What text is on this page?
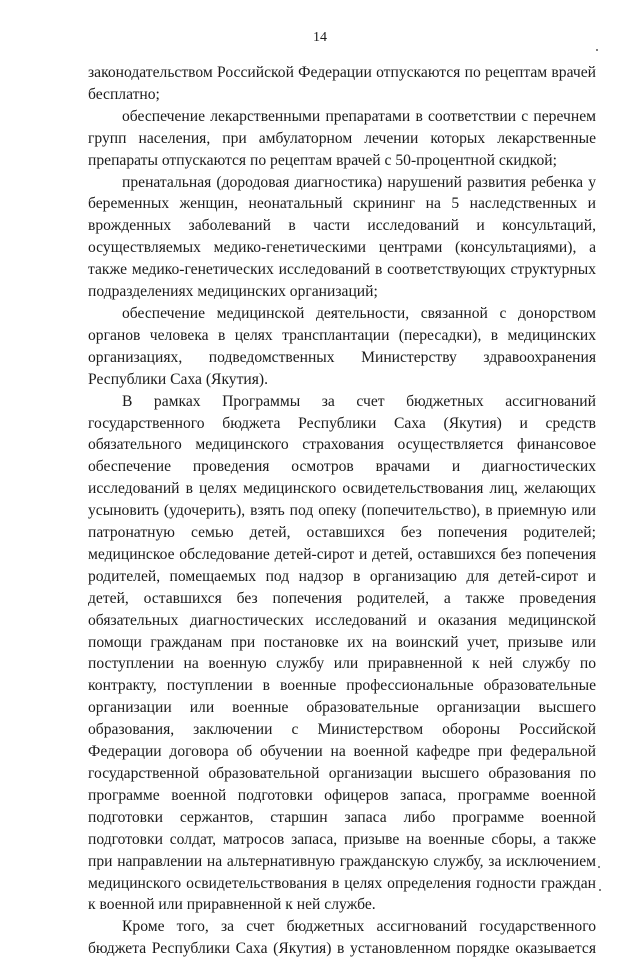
14

законодательством Российской Федерации отпускаются по рецептам врачей бесплатно;

обеспечение лекарственными препаратами в соответствии с перечнем групп населения, при амбулаторном лечении которых лекарственные препараты отпускаются по рецептам врачей с 50-процентной скидкой;

пренатальная (дородовая диагностика) нарушений развития ребенка у беременных женщин, неонатальный скрининг на 5 наследственных и врожденных заболеваний в части исследований и консультаций, осуществляемых медико-генетическими центрами (консультациями), а также медико-генетических исследований в соответствующих структурных подразделениях медицинских организаций;

обеспечение медицинской деятельности, связанной с донорством органов человека в целях трансплантации (пересадки), в медицинских организациях, подведомственных Министерству здравоохранения Республики Саха (Якутия).

В рамках Программы за счет бюджетных ассигнований государственного бюджета Республики Саха (Якутия) и средств обязательного медицинского страхования осуществляется финансовое обеспечение проведения осмотров врачами и диагностических исследований в целях медицинского освидетельствования лиц, желающих усыновить (удочерить), взять под опеку (попечительство), в приемную или патронатную семью детей, оставшихся без попечения родителей; медицинское обследование детей-сирот и детей, оставшихся без попечения родителей, помещаемых под надзор в организацию для детей-сирот и детей, оставшихся без попечения родителей, а также проведения обязательных диагностических исследований и оказания медицинской помощи гражданам при постановке их на воинский учет, призыве или поступлении на военную службу или приравненной к ней службу по контракту, поступлении в военные профессиональные образовательные организации или военные образовательные организации высшего образования, заключении с Министерством обороны Российской Федерации договора об обучении на военной кафедре при федеральной государственной образовательной организации высшего образования по программе военной подготовки офицеров запаса, программе военной подготовки сержантов, старшин запаса либо программе военной подготовки солдат, матросов запаса, призыве на военные сборы, а также при направлении на альтернативную гражданскую службу, за исключением медицинского освидетельствования в целях определения годности граждан к военной или приравненной к ней службе.

Кроме того, за счет бюджетных ассигнований государственного бюджета Республики Саха (Якутия) в установленном порядке оказывается
